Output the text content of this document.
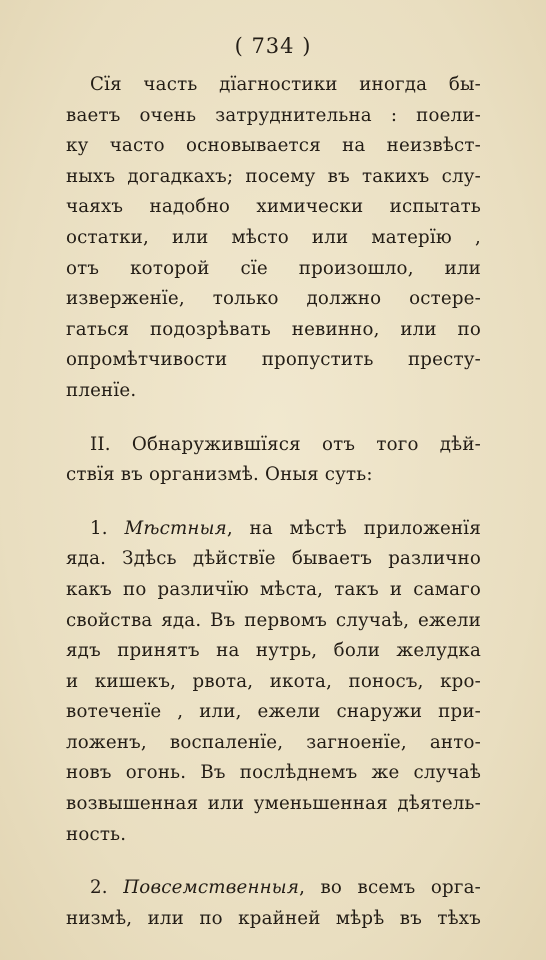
( 734 )
Сїя часть дїагностики иногда бы-
ваетъ очень затруднительна : поели-
ку часто основывается на неизвѣст-
ныхъ догадкахъ; посему въ такихъ слу-
чаяхъ надобно химически испытать
остатки, или мѣсто или матерїю ,
отъ которой сїе произошло, или
изверженїе, только должно остере-
гаться подозрѣвать невинно, или по
опромѣтчивости пропустить престу-
пленїе.
II. Обнаружившїяся отъ того дѣй-
ствїя въ организмѣ. Оныя суть:
1. Мѣстныя, на мѣстѣ приложенїя
яда. Здѣсь дѣйствїе бываетъ различно
какъ по различїю мѣста, такъ и самаго
свойства яда. Въ первомъ случаѣ, ежели
ядъ принятъ на нутрь, боли желудка
и кишекъ, рвота, икота, поносъ, кро-
вотеченїе , или, ежели снаружи при-
ложенъ, воспаленїе, загноенїе, анто-
новъ огонь. Въ послѣднемъ же случаѣ
возвышенная или уменьшенная дѣятель-
ность.
2. Повсемственныя, во всемъ орга-
низмѣ, или по крайней мѣрѣ въ тѣхъ
